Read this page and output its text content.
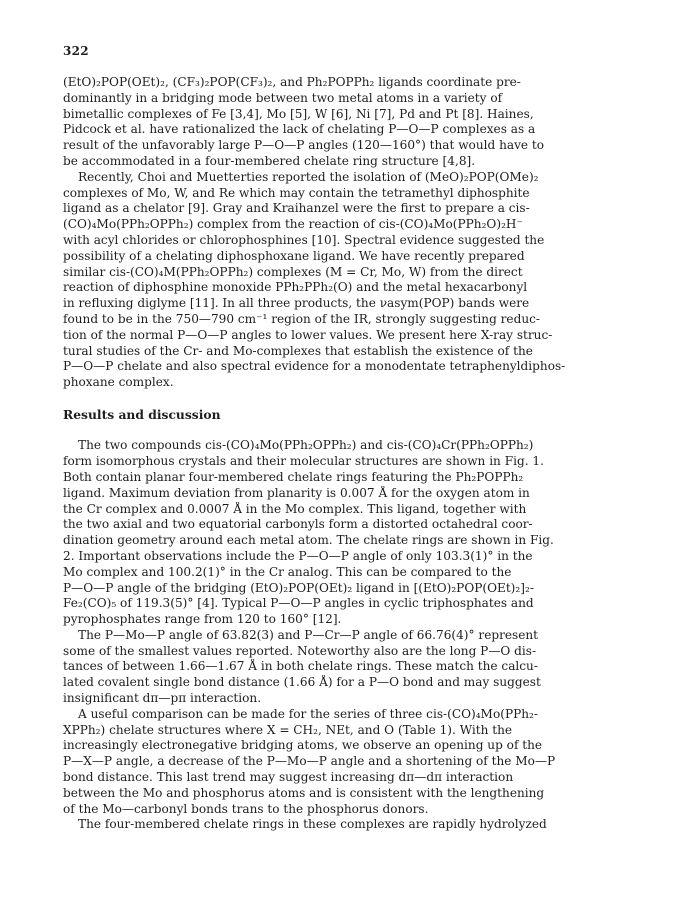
322
(EtO)₂POP(OEt)₂, (CF₃)₂POP(CF₃)₂, and Ph₂POPPh₂ ligands coordinate pre-
dominantly in a bridging mode between two metal atoms in a variety of
bimetallic complexes of Fe [3,4], Mo [5], W [6], Ni [7], Pd and Pt [8]. Haines,
Pidcock et al. have rationalized the lack of chelating P—O—P complexes as a
result of the unfavorably large P—O—P angles (120—160°) that would have to
be accommodated in a four-membered chelate ring structure [4,8].
Recently, Choi and Muetterties reported the isolation of (MeO)₂POP(OMe)₂
complexes of Mo, W, and Re which may contain the tetramethyl diphosphite
ligand as a chelator [9]. Gray and Kraihanzel were the first to prepare a cis-
(CO)₄Mo(PPh₂OPPh₂) complex from the reaction of cis-(CO)₄Mo(PPh₂O)₂H⁻
with acyl chlorides or chlorophosphines [10]. Spectral evidence suggested the
possibility of a chelating diphosphoxane ligand. We have recently prepared
similar cis-(CO)₄M(PPh₂OPPh₂) complexes (M = Cr, Mo, W) from the direct
reaction of diphosphine monoxide PPh₂PPh₂(O) and the metal hexacarbonyl
in refluxing diglyme [11]. In all three products, the νasym(POP) bands were
found to be in the 750—790 cm⁻¹ region of the IR, strongly suggesting reduc-
tion of the normal P—O—P angles to lower values. We present here X-ray struc-
tural studies of the Cr- and Mo-complexes that establish the existence of the
P—O—P chelate and also spectral evidence for a monodentate tetraphenyldiphos-
phoxane complex.
Results and discussion
The two compounds cis-(CO)₄Mo(PPh₂OPPh₂) and cis-(CO)₄Cr(PPh₂OPPh₂)
form isomorphous crystals and their molecular structures are shown in Fig. 1.
Both contain planar four-membered chelate rings featuring the Ph₂POPPh₂
ligand. Maximum deviation from planarity is 0.007 Å for the oxygen atom in
the Cr complex and 0.0007 Å in the Mo complex. This ligand, together with
the two axial and two equatorial carbonyls form a distorted octahedral coor-
dination geometry around each metal atom. The chelate rings are shown in Fig.
2. Important observations include the P—O—P angle of only 103.3(1)° in the
Mo complex and 100.2(1)° in the Cr analog. This can be compared to the
P—O—P angle of the bridging (EtO)₂POP(OEt)₂ ligand in [(EtO)₂POP(OEt)₂]₂-
Fe₂(CO)₅ of 119.3(5)° [4]. Typical P—O—P angles in cyclic triphosphates and
pyrophosphates range from 120 to 160° [12].
The P—Mo—P angle of 63.82(3) and P—Cr—P angle of 66.76(4)° represent
some of the smallest values reported. Noteworthy also are the long P—O dis-
tances of between 1.66—1.67 Å in both chelate rings. These match the calcu-
lated covalent single bond distance (1.66 Å) for a P—O bond and may suggest
insignificant dπ—pπ interaction.
A useful comparison can be made for the series of three cis-(CO)₄Mo(PPh₂-
XPPh₂) chelate structures where X = CH₂, NEt, and O (Table 1). With the
increasingly electronegative bridging atoms, we observe an opening up of the
P—X—P angle, a decrease of the P—Mo—P angle and a shortening of the Mo—P
bond distance. This last trend may suggest increasing dπ—dπ interaction
between the Mo and phosphorus atoms and is consistent with the lengthening
of the Mo—carbonyl bonds trans to the phosphorus donors.
The four-membered chelate rings in these complexes are rapidly hydrolyzed
